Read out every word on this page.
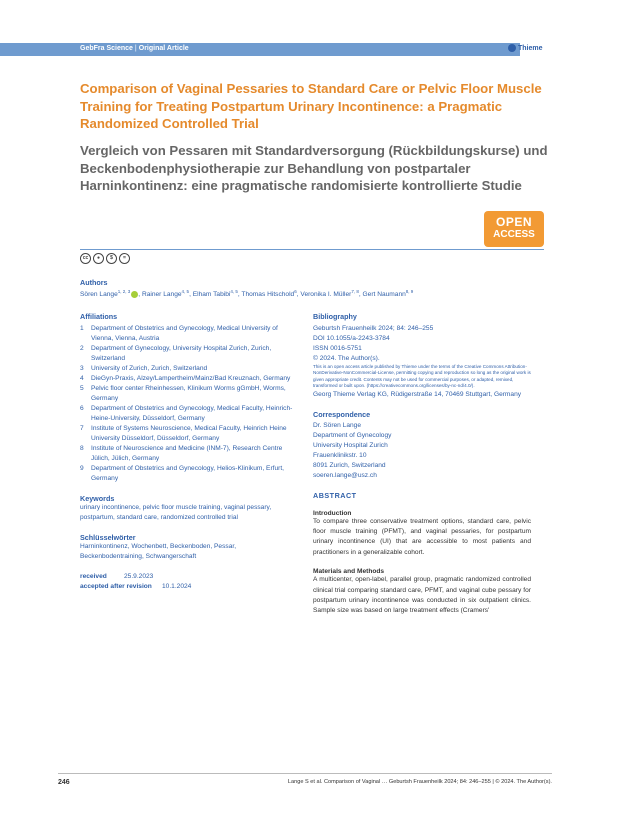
GebFra Science | Original Article	Thieme
Comparison of Vaginal Pessaries to Standard Care or Pelvic Floor Muscle Training for Treating Postpartum Urinary Incontinence: a Pragmatic Randomized Controlled Trial
Vergleich von Pessaren mit Standardversorgung (Rückbildungskurse) und Beckenbodenphysiotherapie zur Behandlung von postpartaler Harninkontinenz: eine pragmatische randomisierte kontrollierte Studie
OPEN
ACCESS
cc	●	$	=
Authors
Sören Lange$^{1, 2, 3}$ , Rainer Lange$^{4, 5}$, Elham Tabibi$^{4, 5}$, Thomas Hitschold$^6$, Veronika I. Müller$^{7, 8}$, Gert Naumann$^{8, 9}$
Affiliations
1	Department of Obstetrics and Gynecology, Medical University of Vienna, Vienna, Austria
2	Department of Gynecology, University Hospital Zurich, Zurich, Switzerland
3	University of Zurich, Zurich, Switzerland
4	DieGyn-Praxis, Alzey/Lampertheim/Mainz/Bad Kreuznach, Germany
5	Pelvic floor center Rheinhessen, Klinikum Worms gGmbH, Worms, Germany
6	Department of Obstetrics and Gynecology, Medical Faculty, Heinrich-Heine-University, Düsseldorf, Germany
7	Institute of Systems Neuroscience, Medical Faculty, Heinrich Heine University Düsseldorf, Düsseldorf, Germany
8	Institute of Neuroscience and Medicine (INM-7), Research Centre Jülich, Jülich, Germany
9	Department of Obstetrics and Gynecology, Helios-Klinikum, Erfurt, Germany
Keywords
urinary incontinence, pelvic floor muscle training, vaginal pessary, postpartum, standard care, randomized controlled trial
Schlüsselwörter
Harninkontinenz, Wochenbett, Beckenboden, Pessar, Beckenbodentraining, Schwangerschaft
received	25.9.2023
accepted after revision 10.1.2024
Bibliography
Geburtsh Frauenheilk 2024; 84: 246–255
DOI 10.1055/a-2243-3784
ISSN 0016‑5751
© 2024. The Author(s).
This is an open access article published by Thieme under the terms of the Creative Commons Attribution-NonDerivative-NonCommercial-License, permitting copying and reproduction so long as the original work is given appropriate credit. Contents may not be used for commercial purposes, or adapted, remixed, transformed or built upon. (https://creativecommons.org/licenses/by-nc-nd/4.0/).
Georg Thieme Verlag KG, Rüdigerstraße 14, 70469 Stuttgart, Germany
Correspondence
Dr. Sören Lange
Department of Gynecology
University Hospital Zurich
Frauenklinikstr. 10
8091 Zurich, Switzerland
soeren.lange@usz.ch
ABSTRACT
Introduction
To compare three conservative treatment options, standard care, pelvic floor muscle training (PFMT), and vaginal pessaries, for postpartum urinary incontinence (UI) that are accessible to most patients and practitioners in a generalizable cohort.
Materials and Methods
A multicenter, open-label, parallel group, pragmatic randomized controlled clinical trial comparing standard care, PFMT, and vaginal cube pessary for postpartum urinary incontinence was conducted in six outpatient clinics. Sample size was based on large treatment effects (Cramers'
246	Lange S et al. Comparison of Vaginal … Geburtsh Frauenheilk 2024; 84: 246–255 | © 2024. The Author(s).
